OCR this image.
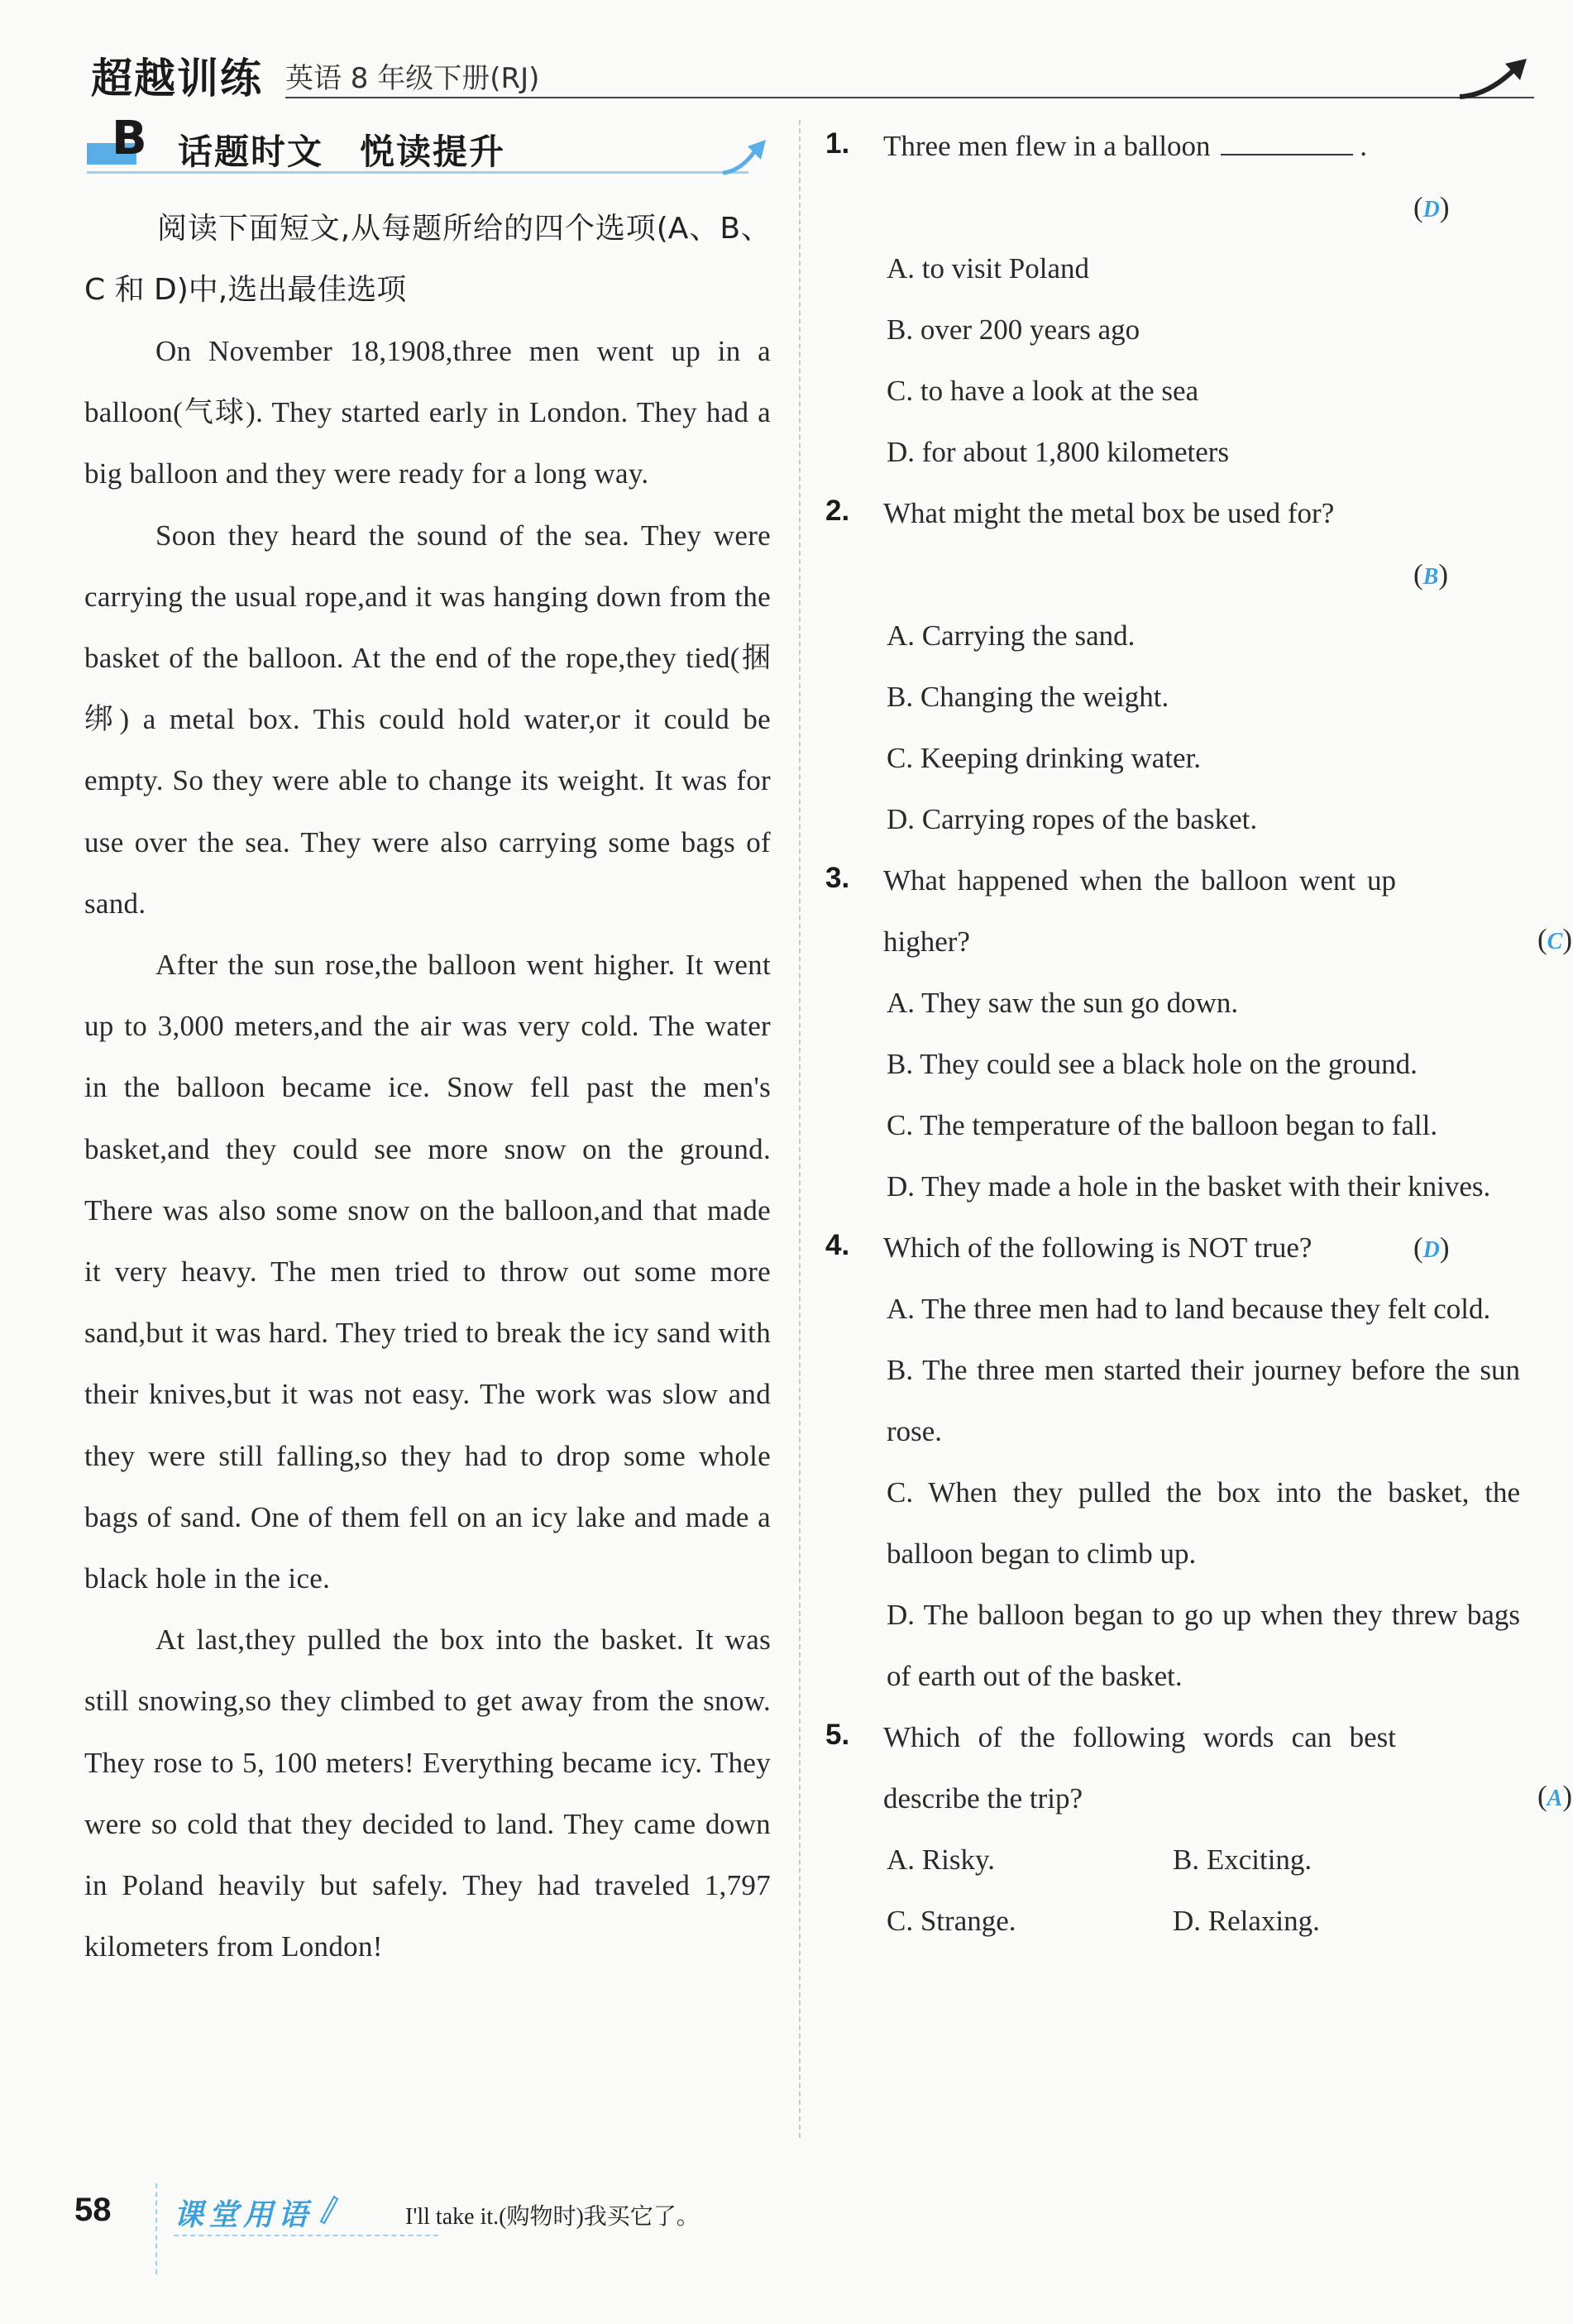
超越训练 英语 8 年级下册(RJ)
B 话题时文　悦读提升

阅读下面短文,从每题所给的四个选项(A、B、C 和 D)中,选出最佳选项

On November 18,1908,three men went up in a balloon(气球). They started early in London. They had a big balloon and they were ready for a long way.

Soon they heard the sound of the sea. They were carrying the usual rope,and it was hanging down from the basket of the balloon. At the end of the rope,they tied(捆绑) a metal box. This could hold water,or it could be empty. So they were able to change its weight. It was for use over the sea. They were also carrying some bags of sand.

After the sun rose,the balloon went higher. It went up to 3,000 meters,and the air was very cold. The water in the balloon became ice. Snow fell past the men's basket,and they could see more snow on the ground. There was also some snow on the balloon,and that made it very heavy. The men tried to throw out some more sand,but it was hard. They tried to break the icy sand with their knives,but it was not easy. The work was slow and they were still falling,so they had to drop some whole bags of sand. One of them fell on an icy lake and made a black hole in the ice.

At last,they pulled the box into the basket. It was still snowing,so they climbed to get away from the snow. They rose to 5, 100 meters! Everything became icy. They were so cold that they decided to land. They came down in Poland heavily but safely. They had traveled 1,797 kilometers from London!

1.	Three men flew in a balloon	.
(D)
A. to visit Poland
B. over 200 years ago
C. to have a look at the sea
D. for about 1,800 kilometers
2.	What might the metal box be used for?
(B)
A. Carrying the sand.
B. Changing the weight.
C. Keeping drinking water.
D. Carrying ropes of the basket.
3.	What happened when the balloon went up higher?	(C)
A. They saw the sun go down.
B. They could see a black hole on the ground.
C. The temperature of the balloon began to fall.
D. They made a hole in the basket with their knives.
4.	Which of the following is NOT true?	(D)
A. The three men had to land because they felt cold.
B. The three men started their journey before the sun rose.
C. When they pulled the box into the basket, the balloon began to climb up.
D. The balloon began to go up when they threw bags of earth out of the basket.
5.	Which of the following words can best describe the trip?	(A)
A. Risky.	B. Exciting.
C. Strange.	D. Relaxing.
58 课堂用语	I'll take it.(购物时)我买它了。
